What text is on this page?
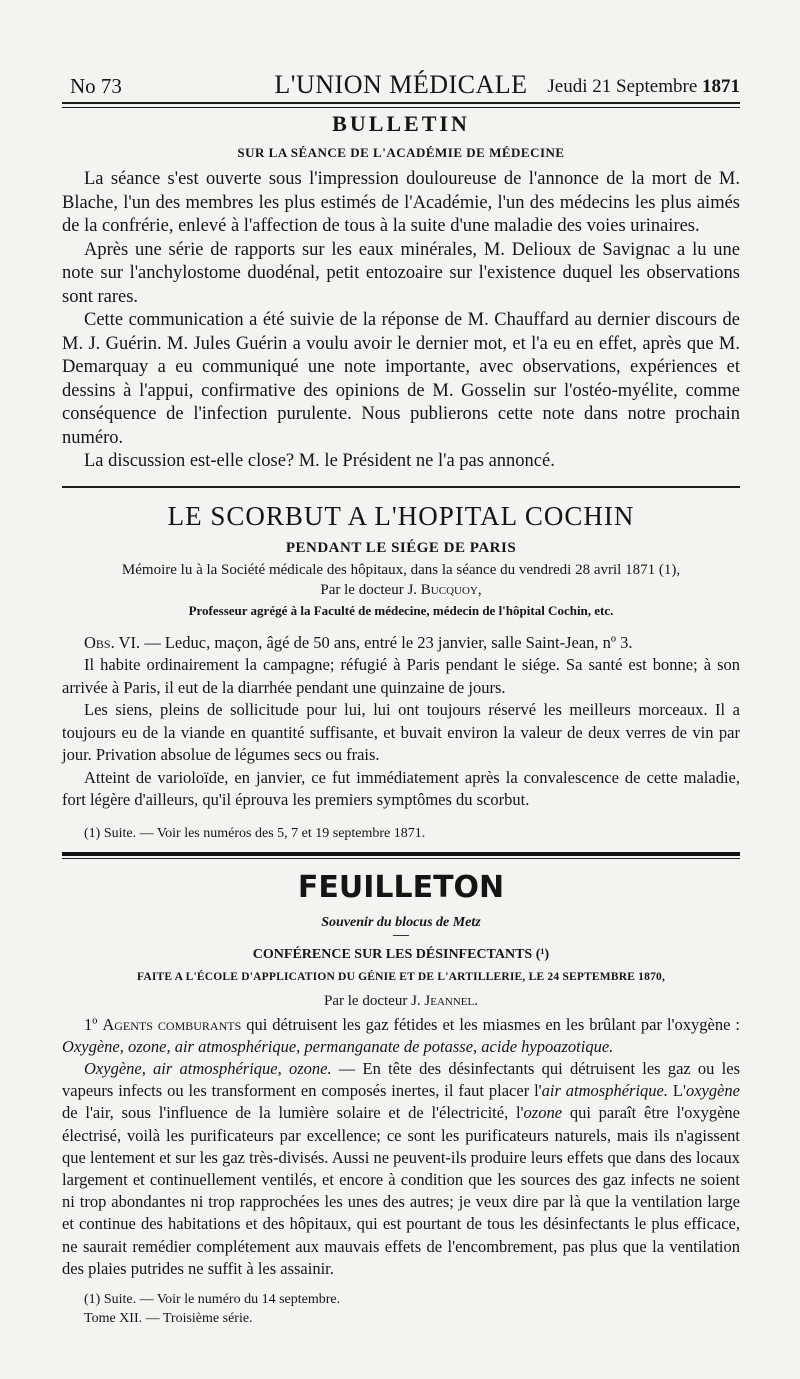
No 73	L'UNION MÉDICALE	Jeudi 21 Septembre 1871
BULLETIN
SUR LA SÉANCE DE L'ACADÉMIE DE MÉDECINE

La séance s'est ouverte sous l'impression douloureuse de l'annonce de la mort de M. Blache, l'un des membres les plus estimés de l'Académie, l'un des médecins les plus aimés de la confrérie, enlevé à l'affection de tous à la suite d'une maladie des voies urinaires.

Après une série de rapports sur les eaux minérales, M. Delioux de Savignac a lu une note sur l'anchylostome duodénal, petit entozoaire sur l'existence duquel les observations sont rares.

Cette communication a été suivie de la réponse de M. Chauffard au dernier discours de M. J. Guérin. M. Jules Guérin a voulu avoir le dernier mot, et l'a eu en effet, après que M. Demarquay a eu communiqué une note importante, avec observations, expériences et dessins à l'appui, confirmative des opinions de M. Gosselin sur l'ostéo-myélite, comme conséquence de l'infection purulente. Nous publierons cette note dans notre prochain numéro.

La discussion est-elle close? M. le Président ne l'a pas annoncé.

LE SCORBUT A L'HOPITAL COCHIN
PENDANT LE SIÉGE DE PARIS
Mémoire lu à la Société médicale des hôpitaux, dans la séance du vendredi 28 avril 1871 (1),
Par le docteur J. Bucquoy,
Professeur agrégé à la Faculté de médecine, médecin de l'hôpital Cochin, etc.

Obs. VI. — Leduc, maçon, âgé de 50 ans, entré le 23 janvier, salle Saint-Jean, nº 3.

Il habite ordinairement la campagne; réfugié à Paris pendant le siége. Sa santé est bonne; à son arrivée à Paris, il eut de la diarrhée pendant une quinzaine de jours.

Les siens, pleins de sollicitude pour lui, lui ont toujours réservé les meilleurs morceaux. Il a toujours eu de la viande en quantité suffisante, et buvait environ la valeur de deux verres de vin par jour. Privation absolue de légumes secs ou frais.

Atteint de varioloïde, en janvier, ce fut immédiatement après la convalescence de cette maladie, fort légère d'ailleurs, qu'il éprouva les premiers symptômes du scorbut.

(1) Suite. — Voir les numéros des 5, 7 et 19 septembre 1871.
FEUILLETON
Souvenir du blocus de Metz
CONFÉRENCE SUR LES DÉSINFECTANTS (¹)
FAITE A L'ÉCOLE D'APPLICATION DU GÉNIE ET DE L'ARTILLERIE, LE 24 SEPTEMBRE 1870,
Par le docteur J. Jeannel.

1º Agents comburants qui détruisent les gaz fétides et les miasmes en les brûlant par l'oxygène : Oxygène, ozone, air atmosphérique, permanganate de potasse, acide hypoazotique.

Oxygène, air atmosphérique, ozone. — En tête des désinfectants qui détruisent les gaz ou les vapeurs infects ou les transforment en composés inertes, il faut placer l'air atmosphérique. L'oxygène de l'air, sous l'influence de la lumière solaire et de l'électricité, l'ozone qui paraît être l'oxygène électrisé, voilà les purificateurs par excellence; ce sont les purificateurs naturels, mais ils n'agissent que lentement et sur les gaz très-divisés. Aussi ne peuvent-ils produire leurs effets que dans des locaux largement et continuellement ventilés, et encore à condition que les sources des gaz infects ne soient ni trop abondantes ni trop rapprochées les unes des autres; je veux dire par là que la ventilation large et continue des habitations et des hôpitaux, qui est pourtant de tous les désinfectants le plus efficace, ne saurait remédier complétement aux mauvais effets de l'encombrement, pas plus que la ventilation des plaies putrides ne suffit à les assainir.

(1) Suite. — Voir le numéro du 14 septembre.
Tome XII. — Troisième série.
